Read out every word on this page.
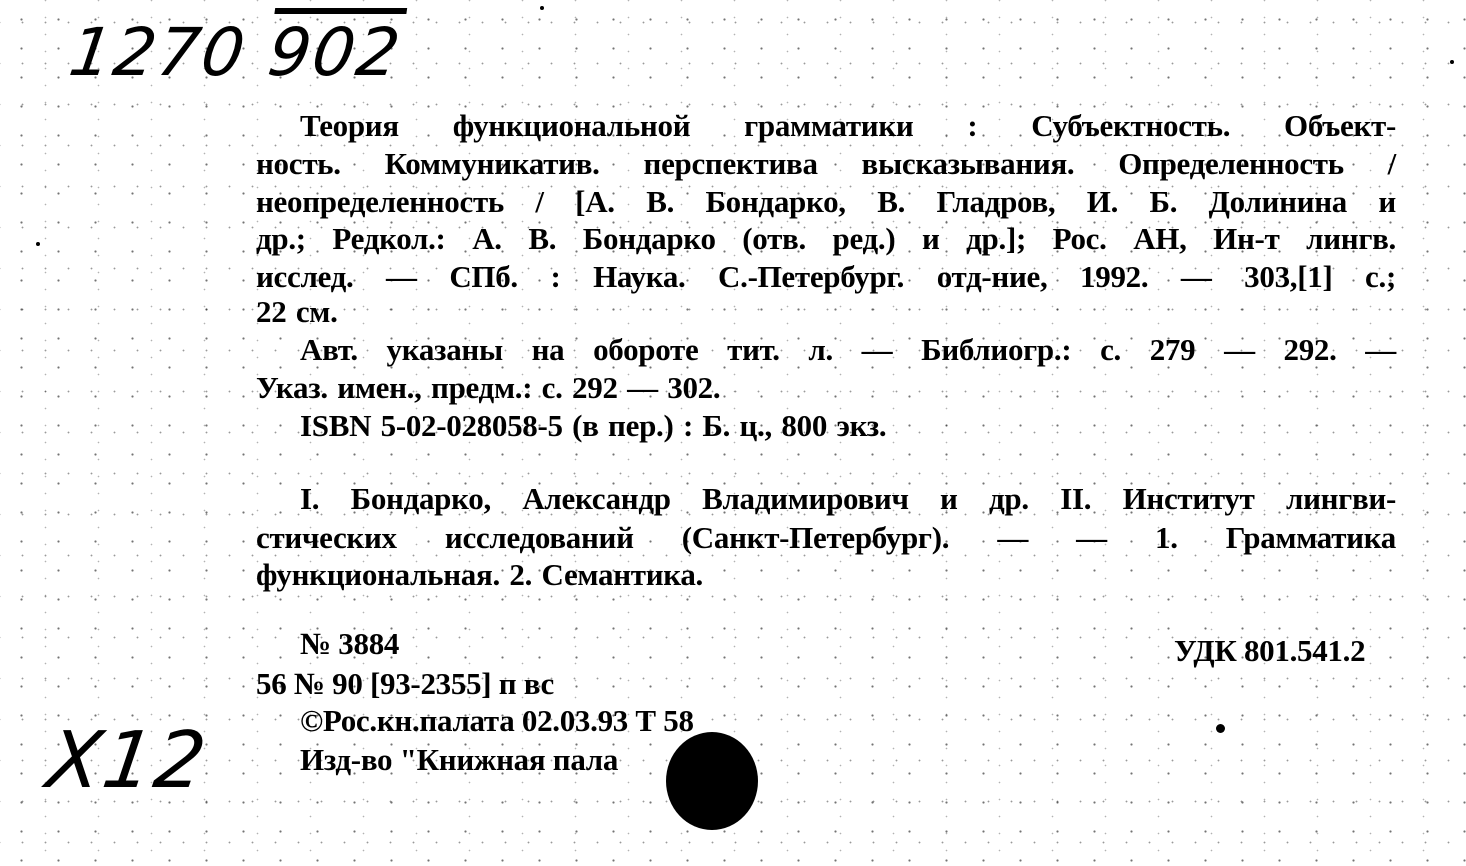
1270 902
Теория функциональной грамматики : Субъектность. Объект-
ность. Коммуникатив. перспектива высказывания. Определенность /
неопределенность / [А. В. Бондарко, В. Гладров, И. Б. Долинина и
др.; Редкол.: А. В. Бондарко (отв. ред.) и др.]; Рос. АН, Ин-т лингв.
исслед. — СПб. : Наука. С.-Петербург. отд-ние, 1992. — 303,[1] с.;
22 см.
Авт. указаны на обороте тит. л. — Библиогр.: с. 279 — 292. —
Указ. имен., предм.: с. 292 — 302.
ISBN 5-02-028058-5 (в пер.) : Б. ц., 800 экз.
I. Бондарко, Александр Владимирович и др. II. Институт лингви-
стических исследований (Санкт-Петербург). — — 1. Грамматика
функциональная. 2. Семантика.
№ 3884	УДК 801.541.2
56 № 90 [93-2355] п вс
©Рос.кн.палата 02.03.93 Т 58
Изд-во "Книжная пала
X12
